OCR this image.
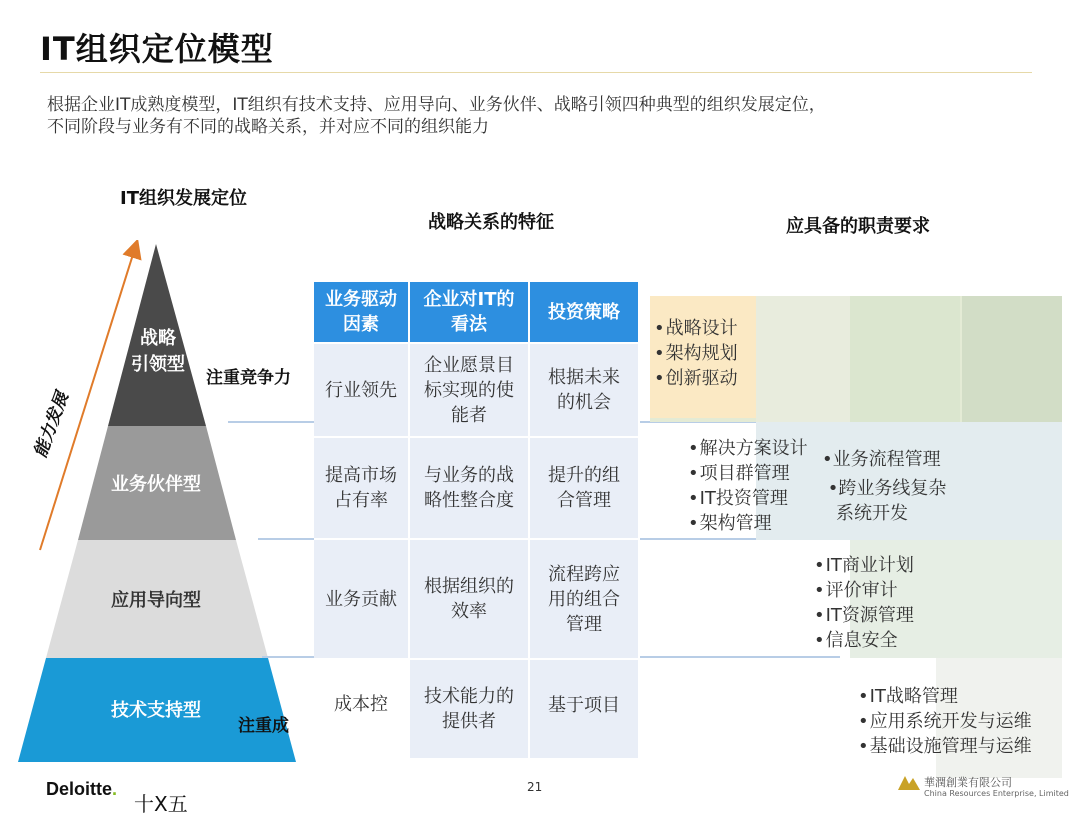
IT组织定位模型
根据企业IT成熟度模型，IT组织有技术支持、应用导向、业务伙伴、战略引领四种典型的组织发展定位，
不同阶段与业务有不同的战略关系，并对应不同的组织能力
IT组织发展定位
战略关系的特征	应具备的职责要求
能力发展
战略
引领型
业务伙伴型
应用导向型
技术支持型
注重竞争力
注重成
业务驱动
因素
企业对IT的
看法
投资策略
行业领先
企业愿景目
标实现的使
能者
根据未来
的机会
提高市场
占有率
与业务的战
略性整合度
提升的组
合管理
业务贡献
根据组织的
效率
流程跨应
用的组合
管理
成本控 技术能力的
提供者
基于项目
• 战略设计
• 架构规划
• 创新驱动
• 解决方案设计
• 项目群管理
• IT投资管理
• 架构管理
•业务流程管理
•跨业务线复杂
系统开发
• IT商业计划
• 评价审计
• IT资源管理
• 信息安全
• IT战略管理
• 应用系统开发与运维
• 基础设施管理与运维
Deloitte.
十X五
21	華潤創業有限公司
China Resources Enterprise, Limited
